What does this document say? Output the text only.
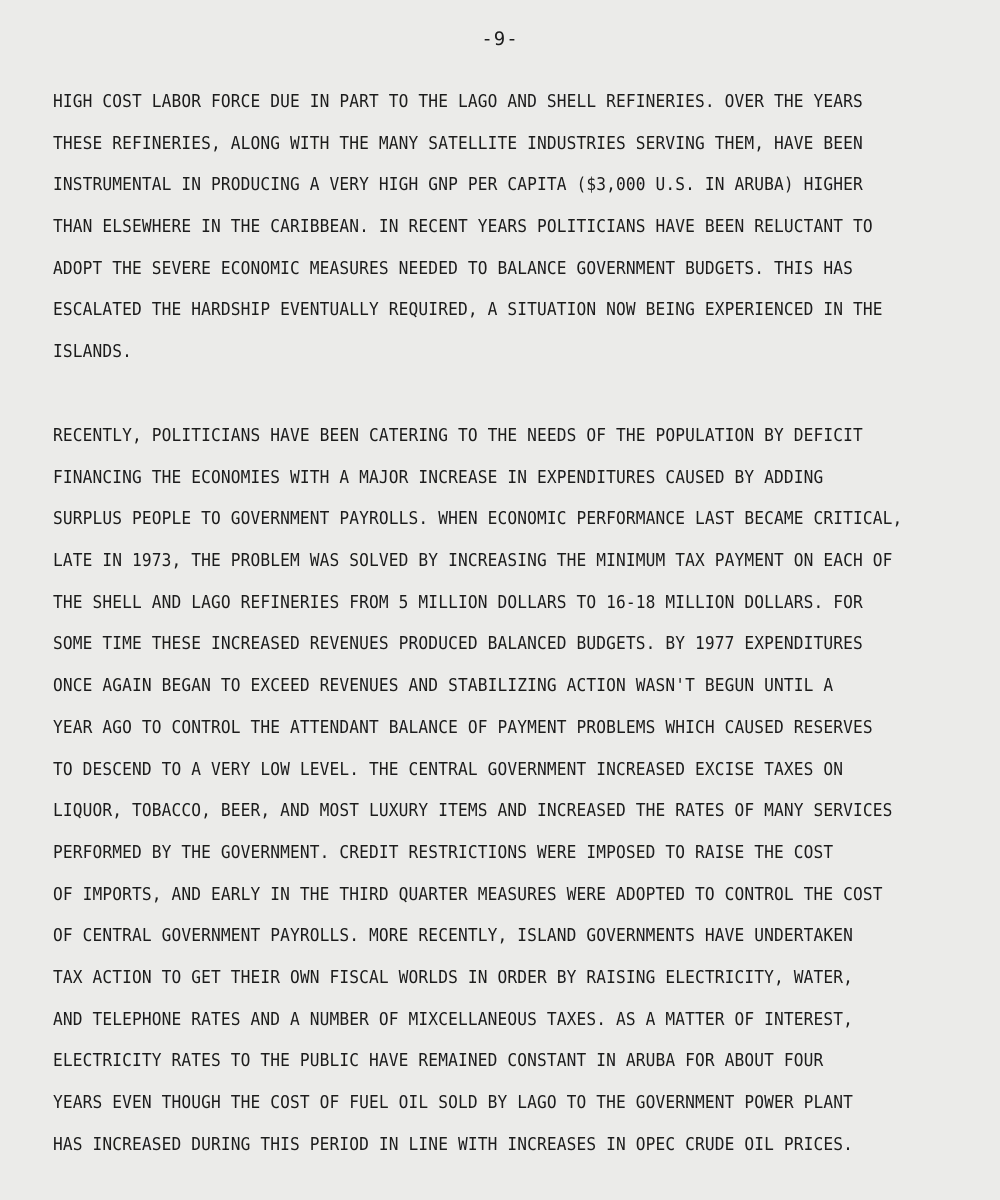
-9-
HIGH COST LABOR FORCE DUE IN PART TO THE LAGO AND SHELL REFINERIES. OVER THE YEARS
THESE REFINERIES, ALONG WITH THE MANY SATELLITE INDUSTRIES SERVING THEM, HAVE BEEN
INSTRUMENTAL IN PRODUCING A VERY HIGH GNP PER CAPITA ($3,000 U.S. IN ARUBA) HIGHER
THAN ELSEWHERE IN THE CARIBBEAN. IN RECENT YEARS POLITICIANS HAVE BEEN RELUCTANT TO
ADOPT THE SEVERE ECONOMIC MEASURES NEEDED TO BALANCE GOVERNMENT BUDGETS. THIS HAS
ESCALATED THE HARDSHIP EVENTUALLY REQUIRED, A SITUATION NOW BEING EXPERIENCED IN THE
ISLANDS.
RECENTLY, POLITICIANS HAVE BEEN CATERING TO THE NEEDS OF THE POPULATION BY DEFICIT
FINANCING THE ECONOMIES WITH A MAJOR INCREASE IN EXPENDITURES CAUSED BY ADDING
SURPLUS PEOPLE TO GOVERNMENT PAYROLLS. WHEN ECONOMIC PERFORMANCE LAST BECAME CRITICAL,
LATE IN 1973, THE PROBLEM WAS SOLVED BY INCREASING THE MINIMUM TAX PAYMENT ON EACH OF
THE SHELL AND LAGO REFINERIES FROM 5 MILLION DOLLARS TO 16-18 MILLION DOLLARS. FOR
SOME TIME THESE INCREASED REVENUES PRODUCED BALANCED BUDGETS. BY 1977 EXPENDITURES
ONCE AGAIN BEGAN TO EXCEED REVENUES AND STABILIZING ACTION WASN'T BEGUN UNTIL A
YEAR AGO TO CONTROL THE ATTENDANT BALANCE OF PAYMENT PROBLEMS WHICH CAUSED RESERVES
TO DESCEND TO A VERY LOW LEVEL. THE CENTRAL GOVERNMENT INCREASED EXCISE TAXES ON
LIQUOR, TOBACCO, BEER, AND MOST LUXURY ITEMS AND INCREASED THE RATES OF MANY SERVICES
PERFORMED BY THE GOVERNMENT. CREDIT RESTRICTIONS WERE IMPOSED TO RAISE THE COST
OF IMPORTS, AND EARLY IN THE THIRD QUARTER MEASURES WERE ADOPTED TO CONTROL THE COST
OF CENTRAL GOVERNMENT PAYROLLS. MORE RECENTLY, ISLAND GOVERNMENTS HAVE UNDERTAKEN
TAX ACTION TO GET THEIR OWN FISCAL WORLDS IN ORDER BY RAISING ELECTRICITY, WATER,
AND TELEPHONE RATES AND A NUMBER OF MIXCELLANEOUS TAXES. AS A MATTER OF INTEREST,
ELECTRICITY RATES TO THE PUBLIC HAVE REMAINED CONSTANT IN ARUBA FOR ABOUT FOUR
YEARS EVEN THOUGH THE COST OF FUEL OIL SOLD BY LAGO TO THE GOVERNMENT POWER PLANT
HAS INCREASED DURING THIS PERIOD IN LINE WITH INCREASES IN OPEC CRUDE OIL PRICES.
